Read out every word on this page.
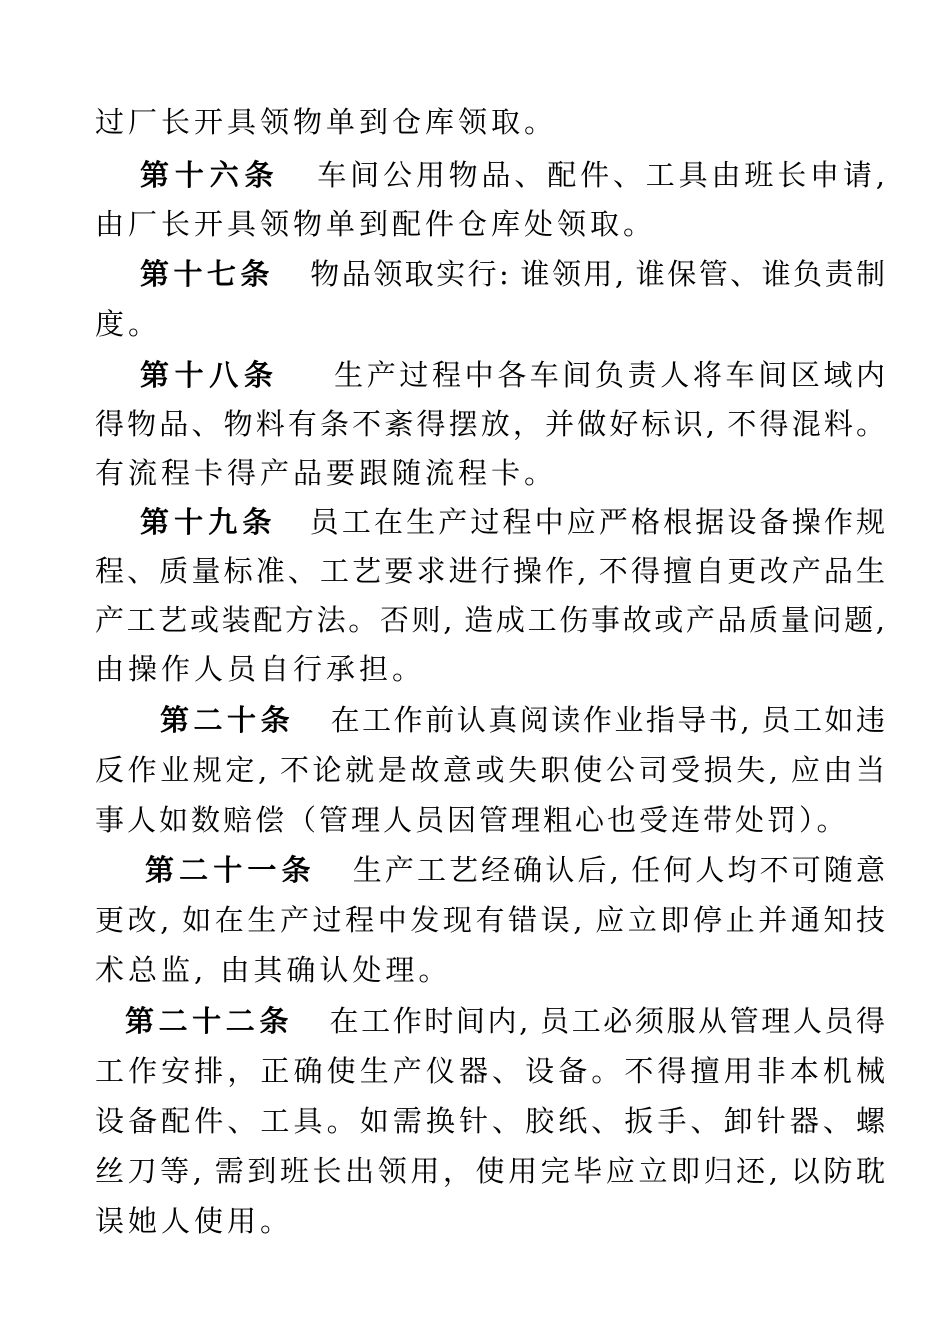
过厂长开具领物单到仓库领取。
第十六条 车间公用物品、配件、工具由班长申请,
由厂长开具领物单到配件仓库处领取。
第十七条 物品领取实行: 谁领用, 谁保管、谁负责制
度。
第十八条 生产过程中各车间负责人将车间区域内
得物品、物料有条不紊得摆放，并做好标识, 不得混料。
有流程卡得产品要跟随流程卡。
第十九条 员工在生产过程中应严格根据设备操作规
程、质量标准、工艺要求进行操作, 不得擅自更改产品生
产工艺或装配方法。否则, 造成工伤事故或产品质量问题,
由操作人员自行承担。
第二十条 在工作前认真阅读作业指导书, 员工如违
反作业规定, 不论就是故意或失职使公司受损失, 应由当
事人如数赔偿（管理人员因管理粗心也受连带处罚）。
第二十一条 生产工艺经确认后, 任何人均不可随意
更改, 如在生产过程中发现有错误, 应立即停止并通知技
术总监, 由其确认处理。
第二十二条 在工作时间内, 员工必须服从管理人员得
工作安排，正确使生产仪器、设备。不得擅用非本机械
设备配件、工具。如需换针、胶纸、扳手、卸针器、螺
丝刀等, 需到班长出领用，使用完毕应立即归还, 以防耽
误她人使用。
